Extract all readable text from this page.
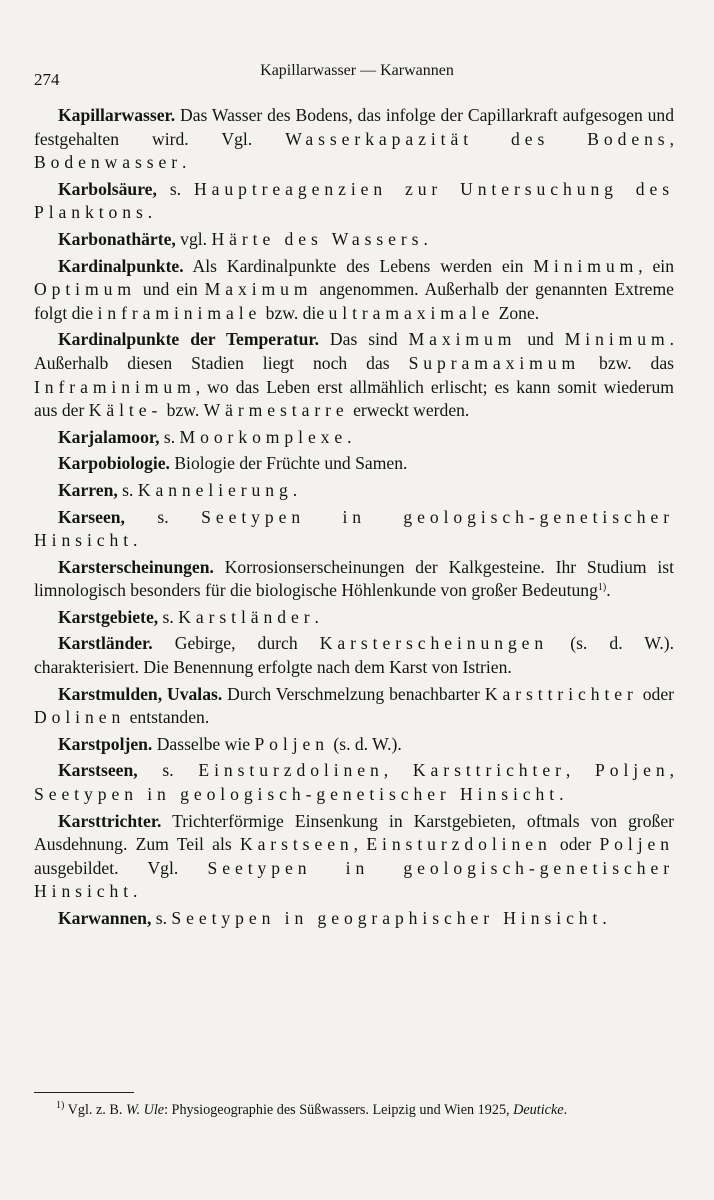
274	Kapillarwasser — Karwannen

Kapillarwasser. Das Wasser des Bodens, das infolge der Capillarkraft aufgesogen und festgehalten wird. Vgl. Wasserkapazität des Bodens, Bodenwasser.

Karbolsäure, s. Hauptreagenzien zur Untersuchung des Planktons.

Karbonathärte, vgl. Härte des Wassers.

Kardinalpunkte. Als Kardinalpunkte des Lebens werden ein Minimum, ein Optimum und ein Maximum angenommen. Außerhalb der genannten Extreme folgt die inframinimale bzw. die ultramaximale Zone.

Kardinalpunkte der Temperatur. Das sind Maximum und Minimum. Außerhalb diesen Stadien liegt noch das Supramaximum bzw. das Inframinimum, wo das Leben erst allmählich erlischt; es kann somit wiederum aus der Kälte- bzw. Wärmestarre erweckt werden.

Karjalamoor, s. Moorkomplexe.

Karpobiologie. Biologie der Früchte und Samen.

Karren, s. Kannelierung.

Karseen, s. Seetypen in geologisch-genetischer Hinsicht.

Karsterscheinungen. Korrosionserscheinungen der Kalkgesteine. Ihr Studium ist limnologisch besonders für die biologische Höhlenkunde von großer Bedeutung$^{1)}$.

Karstgebiete, s. Karstländer.

Karstländer. Gebirge, durch Karsterscheinungen (s. d. W.). charakterisiert. Die Benennung erfolgte nach dem Karst von Istrien.

Karstmulden, Uvalas. Durch Verschmelzung benachbarter Karsttrichter oder Dolinen entstanden.

Karstpoljen. Dasselbe wie Poljen (s. d. W.).

Karstseen, s. Einsturzdolinen, Karsttrichter, Poljen, Seetypen in geologisch-genetischer Hinsicht.

Karsttrichter. Trichterförmige Einsenkung in Karstgebieten, oftmals von großer Ausdehnung. Zum Teil als Karstseen, Einsturzdolinen oder Poljen ausgebildet. Vgl. Seetypen in geologisch-genetischer Hinsicht.

Karwannen, s. Seetypen in geographischer Hinsicht.

$^{1)}$ Vgl. z. B. W. Ule: Physiogeographie des Süßwassers. Leipzig und Wien 1925, Deuticke.
